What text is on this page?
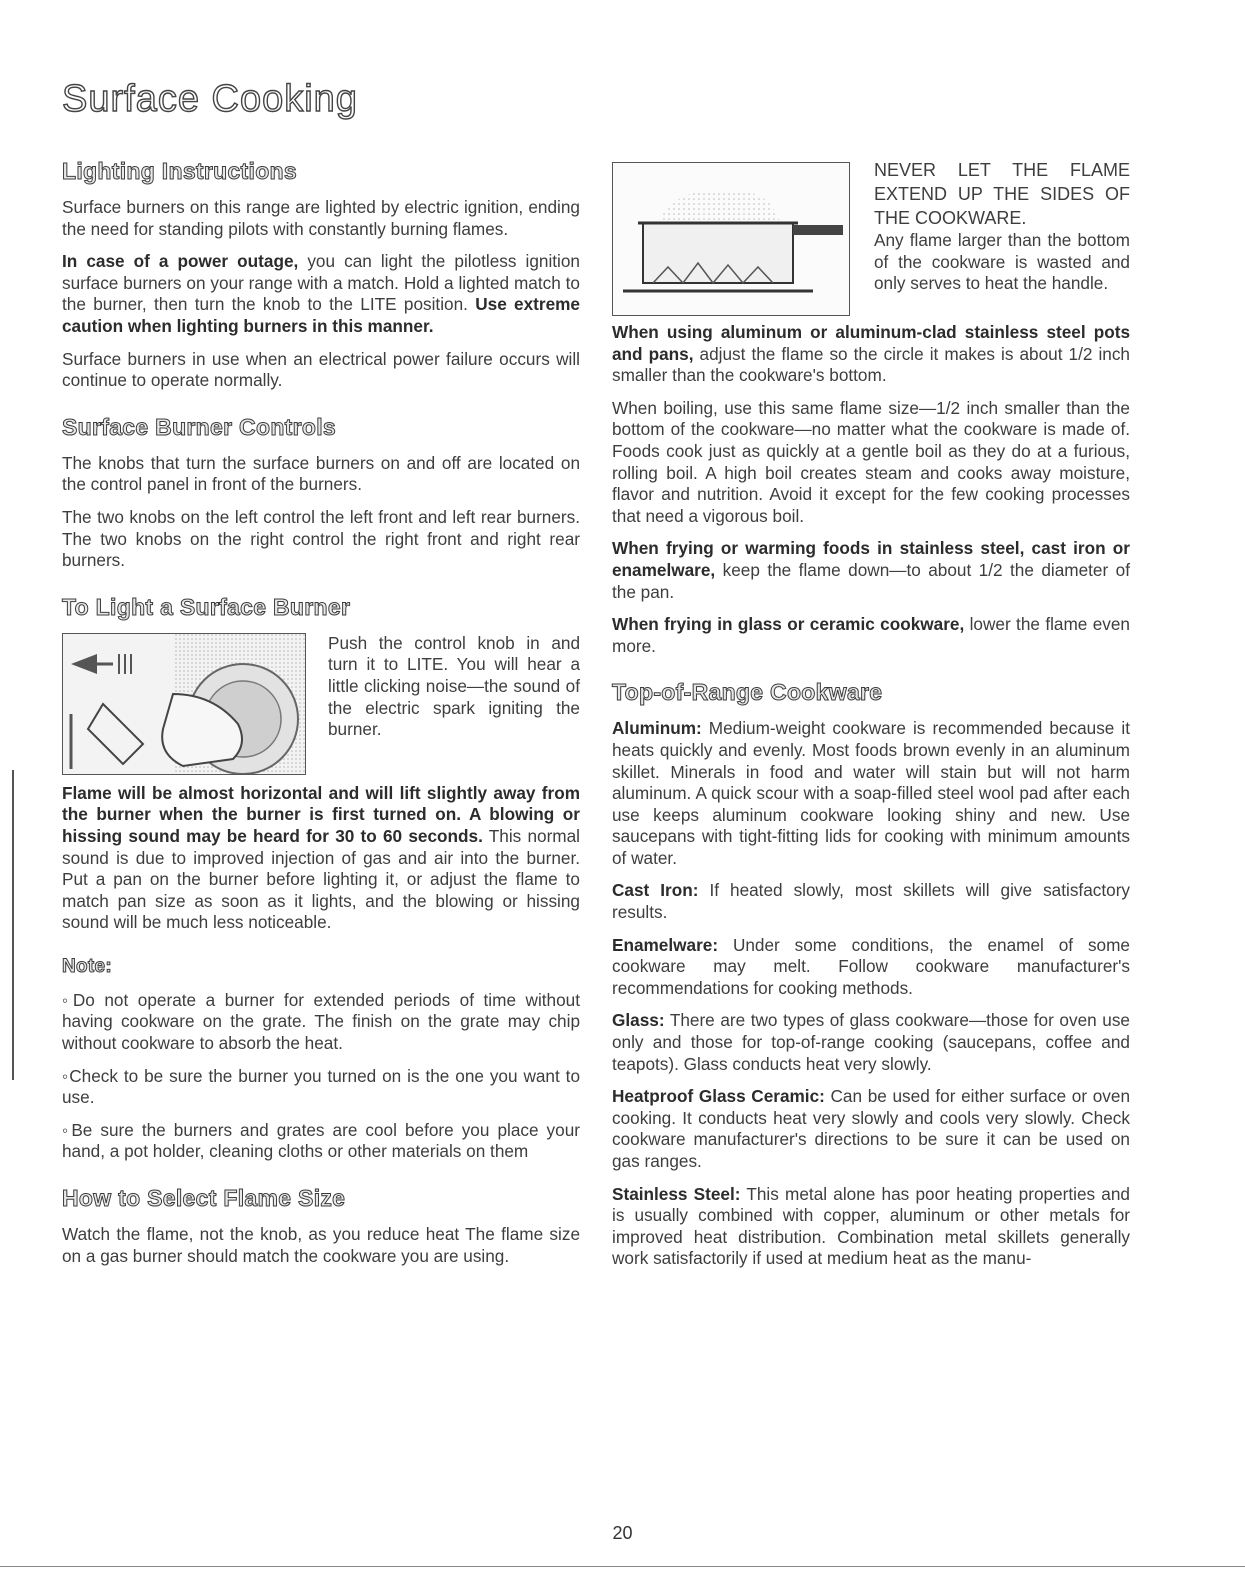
Surface Cooking
Lighting Instructions

Surface burners on this range are lighted by electric ignition, ending the need for standing pilots with constantly burning flames.

In case of a power outage, you can light the pilotless ignition surface burners on your range with a match. Hold a lighted match to the burner, then turn the knob to the LITE position. Use extreme caution when lighting burners in this manner.

Surface burners in use when an electrical power failure occurs will continue to operate normally.

Surface Burner Controls

The knobs that turn the surface burners on and off are located on the control panel in front of the burners.

The two knobs on the left control the left front and left rear burners. The two knobs on the right control the right front and right rear burners.

To Light a Surface Burner

Push the control knob in and turn it to LITE. You will hear a little clicking noise—the sound of the electric spark igniting the burner.

Flame will be almost horizontal and will lift slightly away from the burner when the burner is first turned on. A blowing or hissing sound may be heard for 30 to 60 seconds. This normal sound is due to improved injection of gas and air into the burner. Put a pan on the burner before lighting it, or adjust the flame to match pan size as soon as it lights, and the blowing or hissing sound will be much less noticeable.

Note:

◦ Do not operate a burner for extended periods of time without having cookware on the grate. The finish on the grate may chip without cookware to absorb the heat.

◦ Check to be sure the burner you turned on is the one you want to use.

◦ Be sure the burners and grates are cool before you place your hand, a pot holder, cleaning cloths or other materials on them

How to Select Flame Size

Watch the flame, not the knob, as you reduce heat The flame size on a gas burner should match the cookware you are using.

NEVER LET THE FLAME EXTEND UP THE SIDES OF THE COOKWARE.

Any flame larger than the bottom of the cookware is wasted and only serves to heat the handle.

When using aluminum or aluminum-clad stainless steel pots and pans, adjust the flame so the circle it makes is about 1/2 inch smaller than the cookware's bottom.

When boiling, use this same flame size—1/2 inch smaller than the bottom of the cookware—no matter what the cookware is made of. Foods cook just as quickly at a gentle boil as they do at a furious, rolling boil. A high boil creates steam and cooks away moisture, flavor and nutrition. Avoid it except for the few cooking processes that need a vigorous boil.

When frying or warming foods in stainless steel, cast iron or enamelware, keep the flame down—to about 1/2 the diameter of the pan.

When frying in glass or ceramic cookware, lower the flame even more.

Top-of-Range Cookware

Aluminum: Medium-weight cookware is recommended because it heats quickly and evenly. Most foods brown evenly in an aluminum skillet. Minerals in food and water will stain but will not harm aluminum. A quick scour with a soap-filled steel wool pad after each use keeps aluminum cookware looking shiny and new. Use saucepans with tight-fitting lids for cooking with minimum amounts of water.

Cast Iron: If heated slowly, most skillets will give satisfactory results.

Enamelware: Under some conditions, the enamel of some cookware may melt. Follow cookware manufacturer's recommendations for cooking methods.

Glass: There are two types of glass cookware—those for oven use only and those for top-of-range cooking (saucepans, coffee and teapots). Glass conducts heat very slowly.

Heatproof Glass Ceramic: Can be used for either surface or oven cooking. It conducts heat very slowly and cools very slowly. Check cookware manufacturer's directions to be sure it can be used on gas ranges.

Stainless Steel: This metal alone has poor heating properties and is usually combined with copper, aluminum or other metals for improved heat distribution. Combination metal skillets generally work satisfactorily if used at medium heat as the manu-

20
